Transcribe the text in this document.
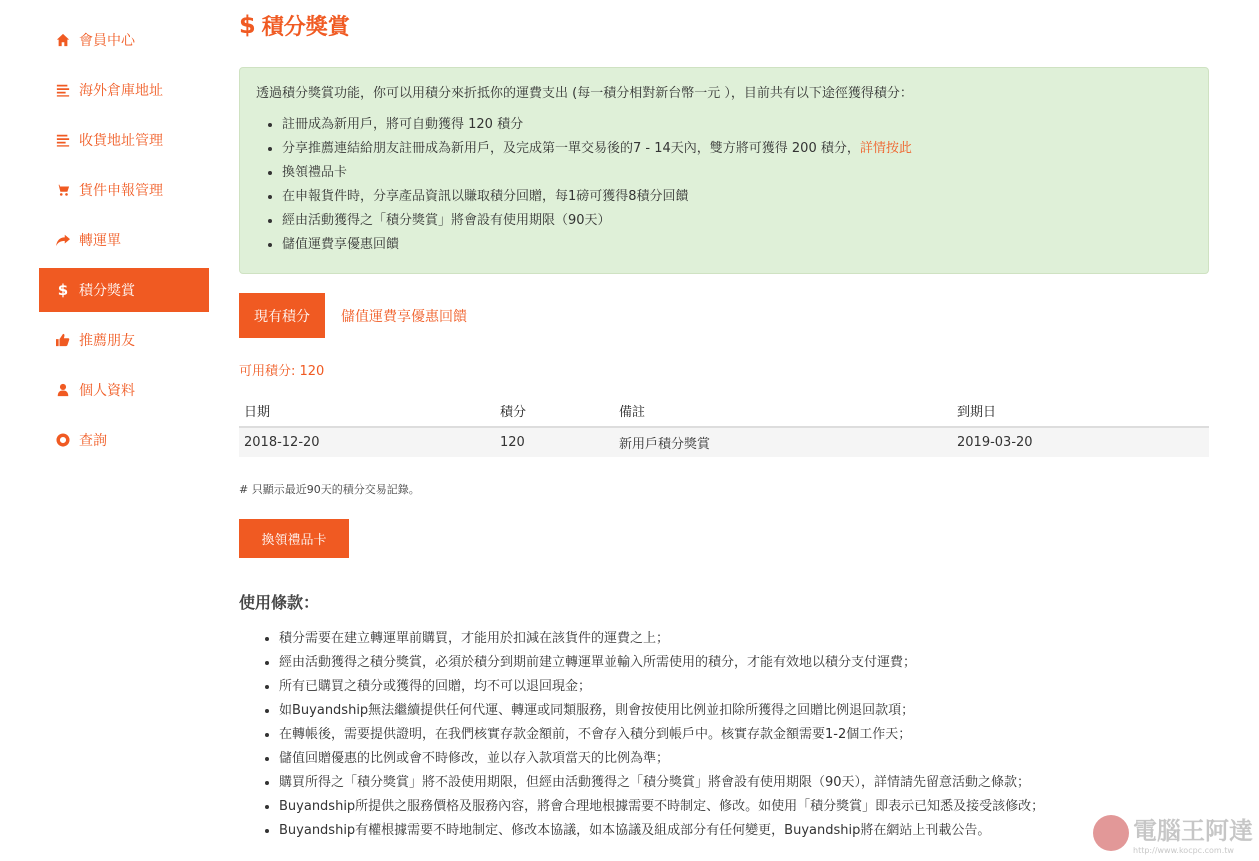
會員中心
海外倉庫地址
收貨地址管理
貨件申報管理
轉運單
$ 積分獎賞
推薦朋友
個人資料
查詢
$ 積分獎賞

透過積分獎賞功能，你可以用積分來折抵你的運費支出 (每一積分相對新台幣一元 ），目前共有以下途徑獲得積分：

• 註冊成為新用戶，將可自動獲得 120 積分
• 分享推薦連結給朋友註冊成為新用戶，及完成第一單交易後的7 - 14天內，雙方將可獲得 200 積分，詳情按此
• 換領禮品卡
• 在申報貨件時，分享產品資訊以賺取積分回贈，每1磅可獲得8積分回饋
• 經由活動獲得之「積分獎賞」將會設有使用期限（90天）
• 儲值運費享優惠回饋
現有積分	儲值運費享優惠回饋
可用積分: 120
日期	積分	備註	到期日
2018-12-20	120	新用戶積分獎賞	2019-03-20

# 只顯示最近90天的積分交易記錄。

換領禮品卡
使用條款：
• 積分需要在建立轉運單前購買，才能用於扣減在該貨件的運費之上；
• 經由活動獲得之積分獎賞，必須於積分到期前建立轉運單並輸入所需使用的積分，才能有效地以積分支付運費；
• 所有已購買之積分或獲得的回贈，均不可以退回現金；
• 如Buyandship無法繼續提供任何代運、轉運或同類服務，則會按使用比例並扣除所獲得之回贈比例退回款項；
• 在轉帳後，需要提供證明，在我們核實存款金額前，不會存入積分到帳戶中。核實存款金額需要1-2個工作天；
• 儲值回贈優惠的比例或會不時修改，並以存入款項當天的比例為準；
• 購買所得之「積分獎賞」將不設使用期限，但經由活動獲得之「積分獎賞」將會設有使用期限（90天），詳情請先留意活動之條款；
• Buyandship所提供之服務價格及服務內容，將會合理地根據需要不時制定、修改。如使用「積分獎賞」即表示已知悉及接受該修改；
• Buyandship有權根據需要不時地制定、修改本協議，如本協議及組成部分有任何變更，Buyandship將在網站上刊載公告。	電腦王阿達
http://www.kocpc.com.tw
